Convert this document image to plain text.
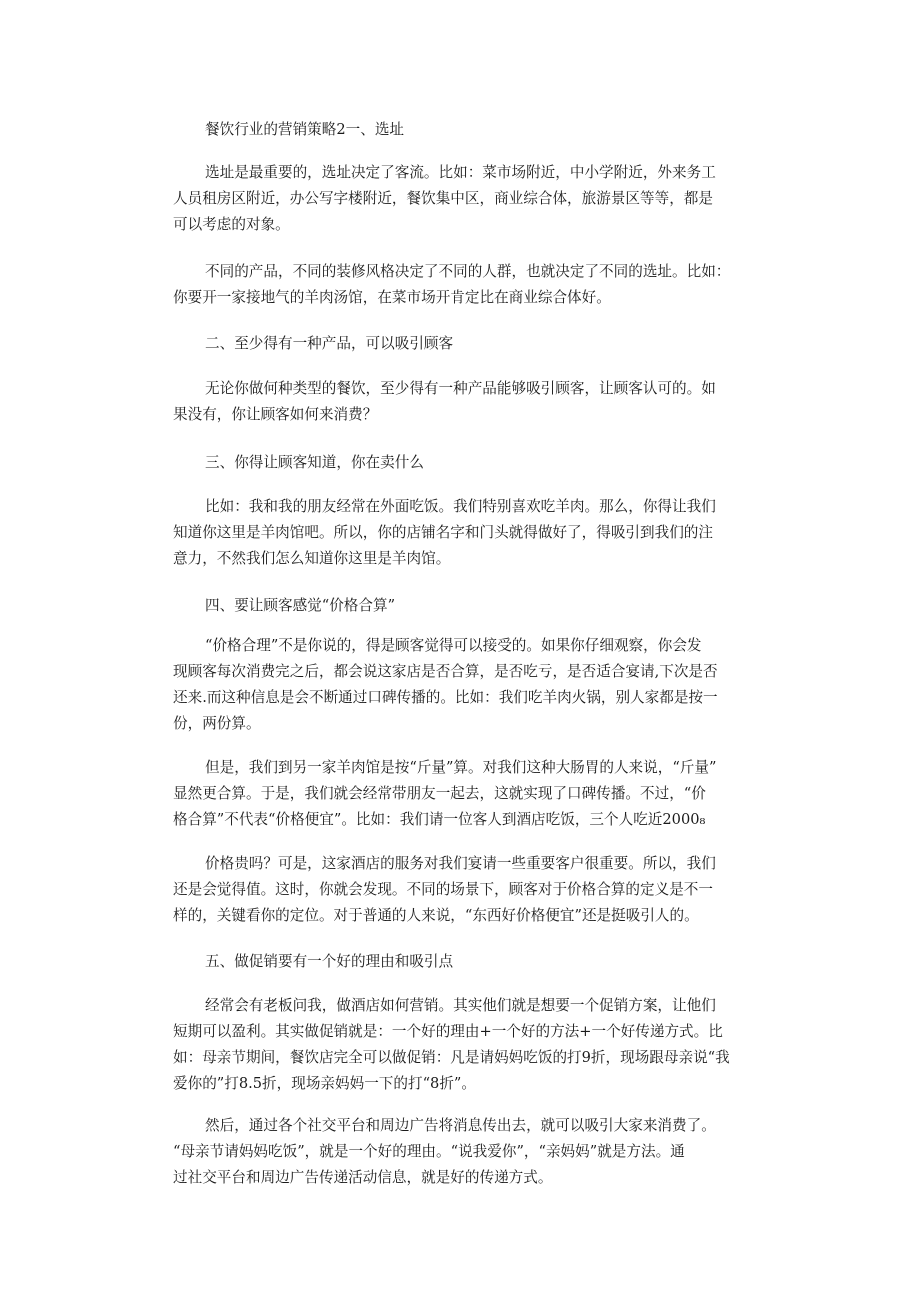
餐饮行业的营销策略2一、选址

选址是最重要的，选址决定了客流。比如：菜市场附近，中小学附近，外来务工
人员租房区附近，办公写字楼附近，餐饮集中区，商业综合体，旅游景区等等，都是
可以考虑的对象。

不同的产品，不同的装修风格决定了不同的人群，也就决定了不同的选址。比如：
你要开一家接地气的羊肉汤馆，在菜市场开肯定比在商业综合体好。

二、至少得有一种产品，可以吸引顾客

无论你做何种类型的餐饮，至少得有一种产品能够吸引顾客，让顾客认可的。如
果没有，你让顾客如何来消费？

三、你得让顾客知道，你在卖什么

比如：我和我的朋友经常在外面吃饭。我们特别喜欢吃羊肉。那么，你得让我们
知道你这里是羊肉馆吧。所以，你的店铺名字和门头就得做好了，得吸引到我们的注
意力，不然我们怎么知道你这里是羊肉馆。

四、要让顾客感觉“价格合算”

“价格合理”不是你说的，得是顾客觉得可以接受的。如果你仔细观察，你会发
现顾客每次消费完之后，都会说这家店是否合算，是否吃亏，是否适合宴请,下次是否
还来.而这种信息是会不断通过口碑传播的。比如：我们吃羊肉火锅，别人家都是按一
份，两份算。

但是，我们到另一家羊肉馆是按“斤量”算。对我们这种大肠胃的人来说，“斤量”
显然更合算。于是，我们就会经常带朋友一起去，这就实现了口碑传播。不过，“价
格合算”不代表“价格便宜”。比如：我们请一位客人到酒店吃饭，三个人吃近2000₈

价格贵吗？可是，这家酒店的服务对我们宴请一些重要客户很重要。所以，我们
还是会觉得值。这时，你就会发现。不同的场景下，顾客对于价格合算的定义是不一
样的，关键看你的定位。对于普通的人来说，“东西好价格便宜”还是挺吸引人的。

五、做促销要有一个好的理由和吸引点

经常会有老板问我，做酒店如何营销。其实他们就是想要一个促销方案，让他们
短期可以盈利。其实做促销就是：一个好的理由+一个好的方法+一个好传递方式。比
如：母亲节期间，餐饮店完全可以做促销：凡是请妈妈吃饭的打9折，现场跟母亲说“我
爱你的”打8.5折，现场亲妈妈一下的打“8折”。

然后，通过各个社交平台和周边广告将消息传出去，就可以吸引大家来消费了。
“母亲节请妈妈吃饭”，就是一个好的理由。“说我爱你”，“亲妈妈”就是方法。通
过社交平台和周边广告传递活动信息，就是好的传递方式。
